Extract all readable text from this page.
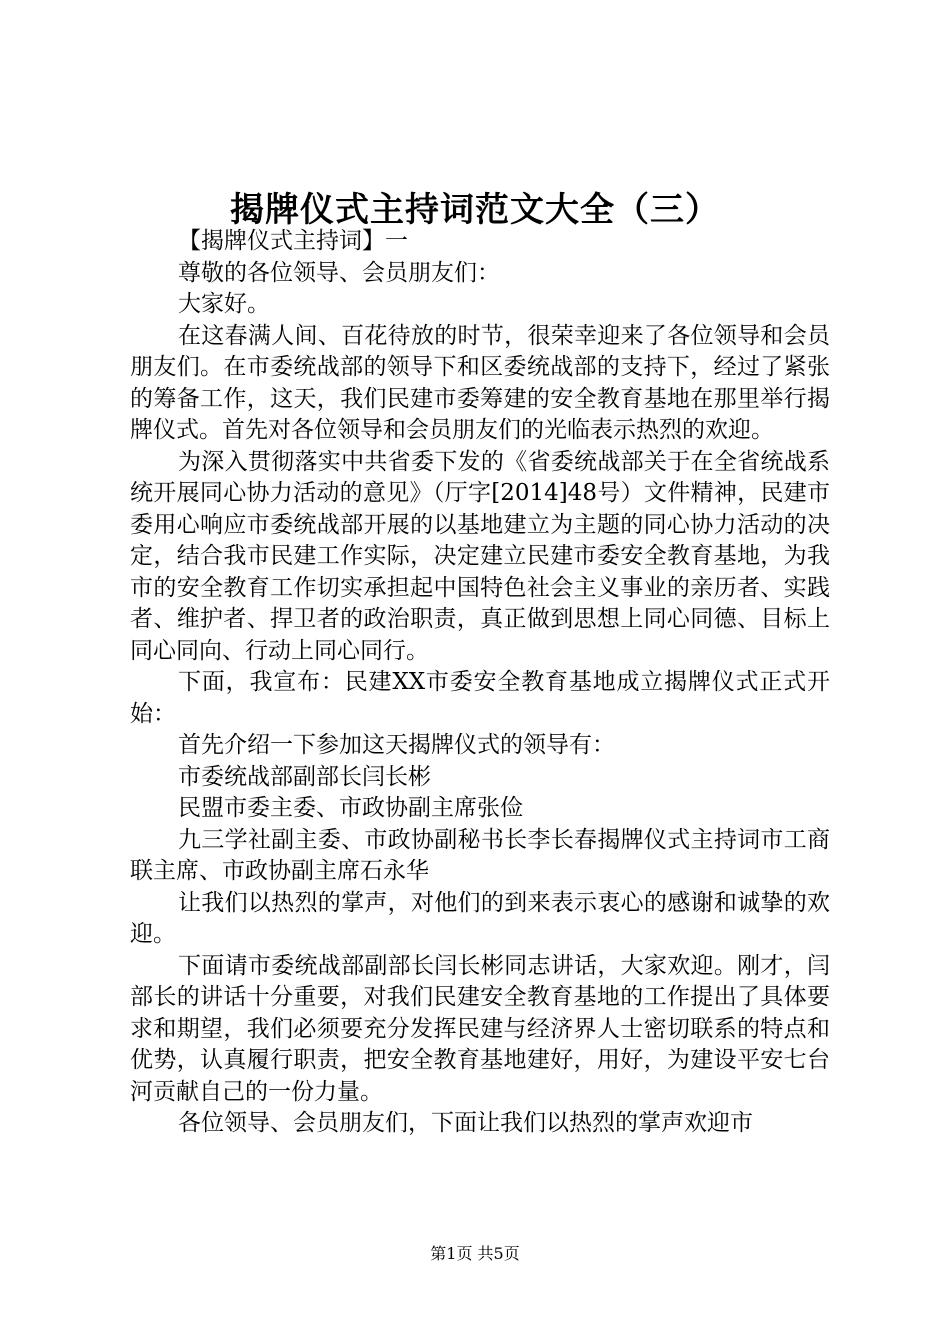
揭牌仪式主持词范文大全（三）

【揭牌仪式主持词】一

尊敬的各位领导、会员朋友们：

大家好。

在这春满人间、百花待放的时节，很荣幸迎来了各位领导和会员朋友们。在市委统战部的领导下和区委统战部的支持下，经过了紧张的筹备工作，这天，我们民建市委筹建的安全教育基地在那里举行揭牌仪式。首先对各位领导和会员朋友们的光临表示热烈的欢迎。

为深入贯彻落实中共省委下发的《省委统战部关于在全省统战系统开展同心协力活动的意见》（厅字[2014]48号）文件精神，民建市委用心响应市委统战部开展的以基地建立为主题的同心协力活动的决定，结合我市民建工作实际，决定建立民建市委安全教育基地，为我市的安全教育工作切实承担起中国特色社会主义事业的亲历者、实践者、维护者、捍卫者的政治职责，真正做到思想上同心同德、目标上同心同向、行动上同心同行。

下面，我宣布：民建XX市委安全教育基地成立揭牌仪式正式开始：

首先介绍一下参加这天揭牌仪式的领导有：

市委统战部副部长闫长彬

民盟市委主委、市政协副主席张俭

九三学社副主委、市政协副秘书长李长春揭牌仪式主持词市工商联主席、市政协副主席石永华

让我们以热烈的掌声，对他们的到来表示衷心的感谢和诚挚的欢迎。

下面请市委统战部副部长闫长彬同志讲话，大家欢迎。刚才，闫部长的讲话十分重要，对我们民建安全教育基地的工作提出了具体要求和期望，我们必须要充分发挥民建与经济界人士密切联系的特点和优势，认真履行职责，把安全教育基地建好，用好，为建设平安七台河贡献自己的一份力量。

各位领导、会员朋友们，下面让我们以热烈的掌声欢迎市

第1页 共5页
